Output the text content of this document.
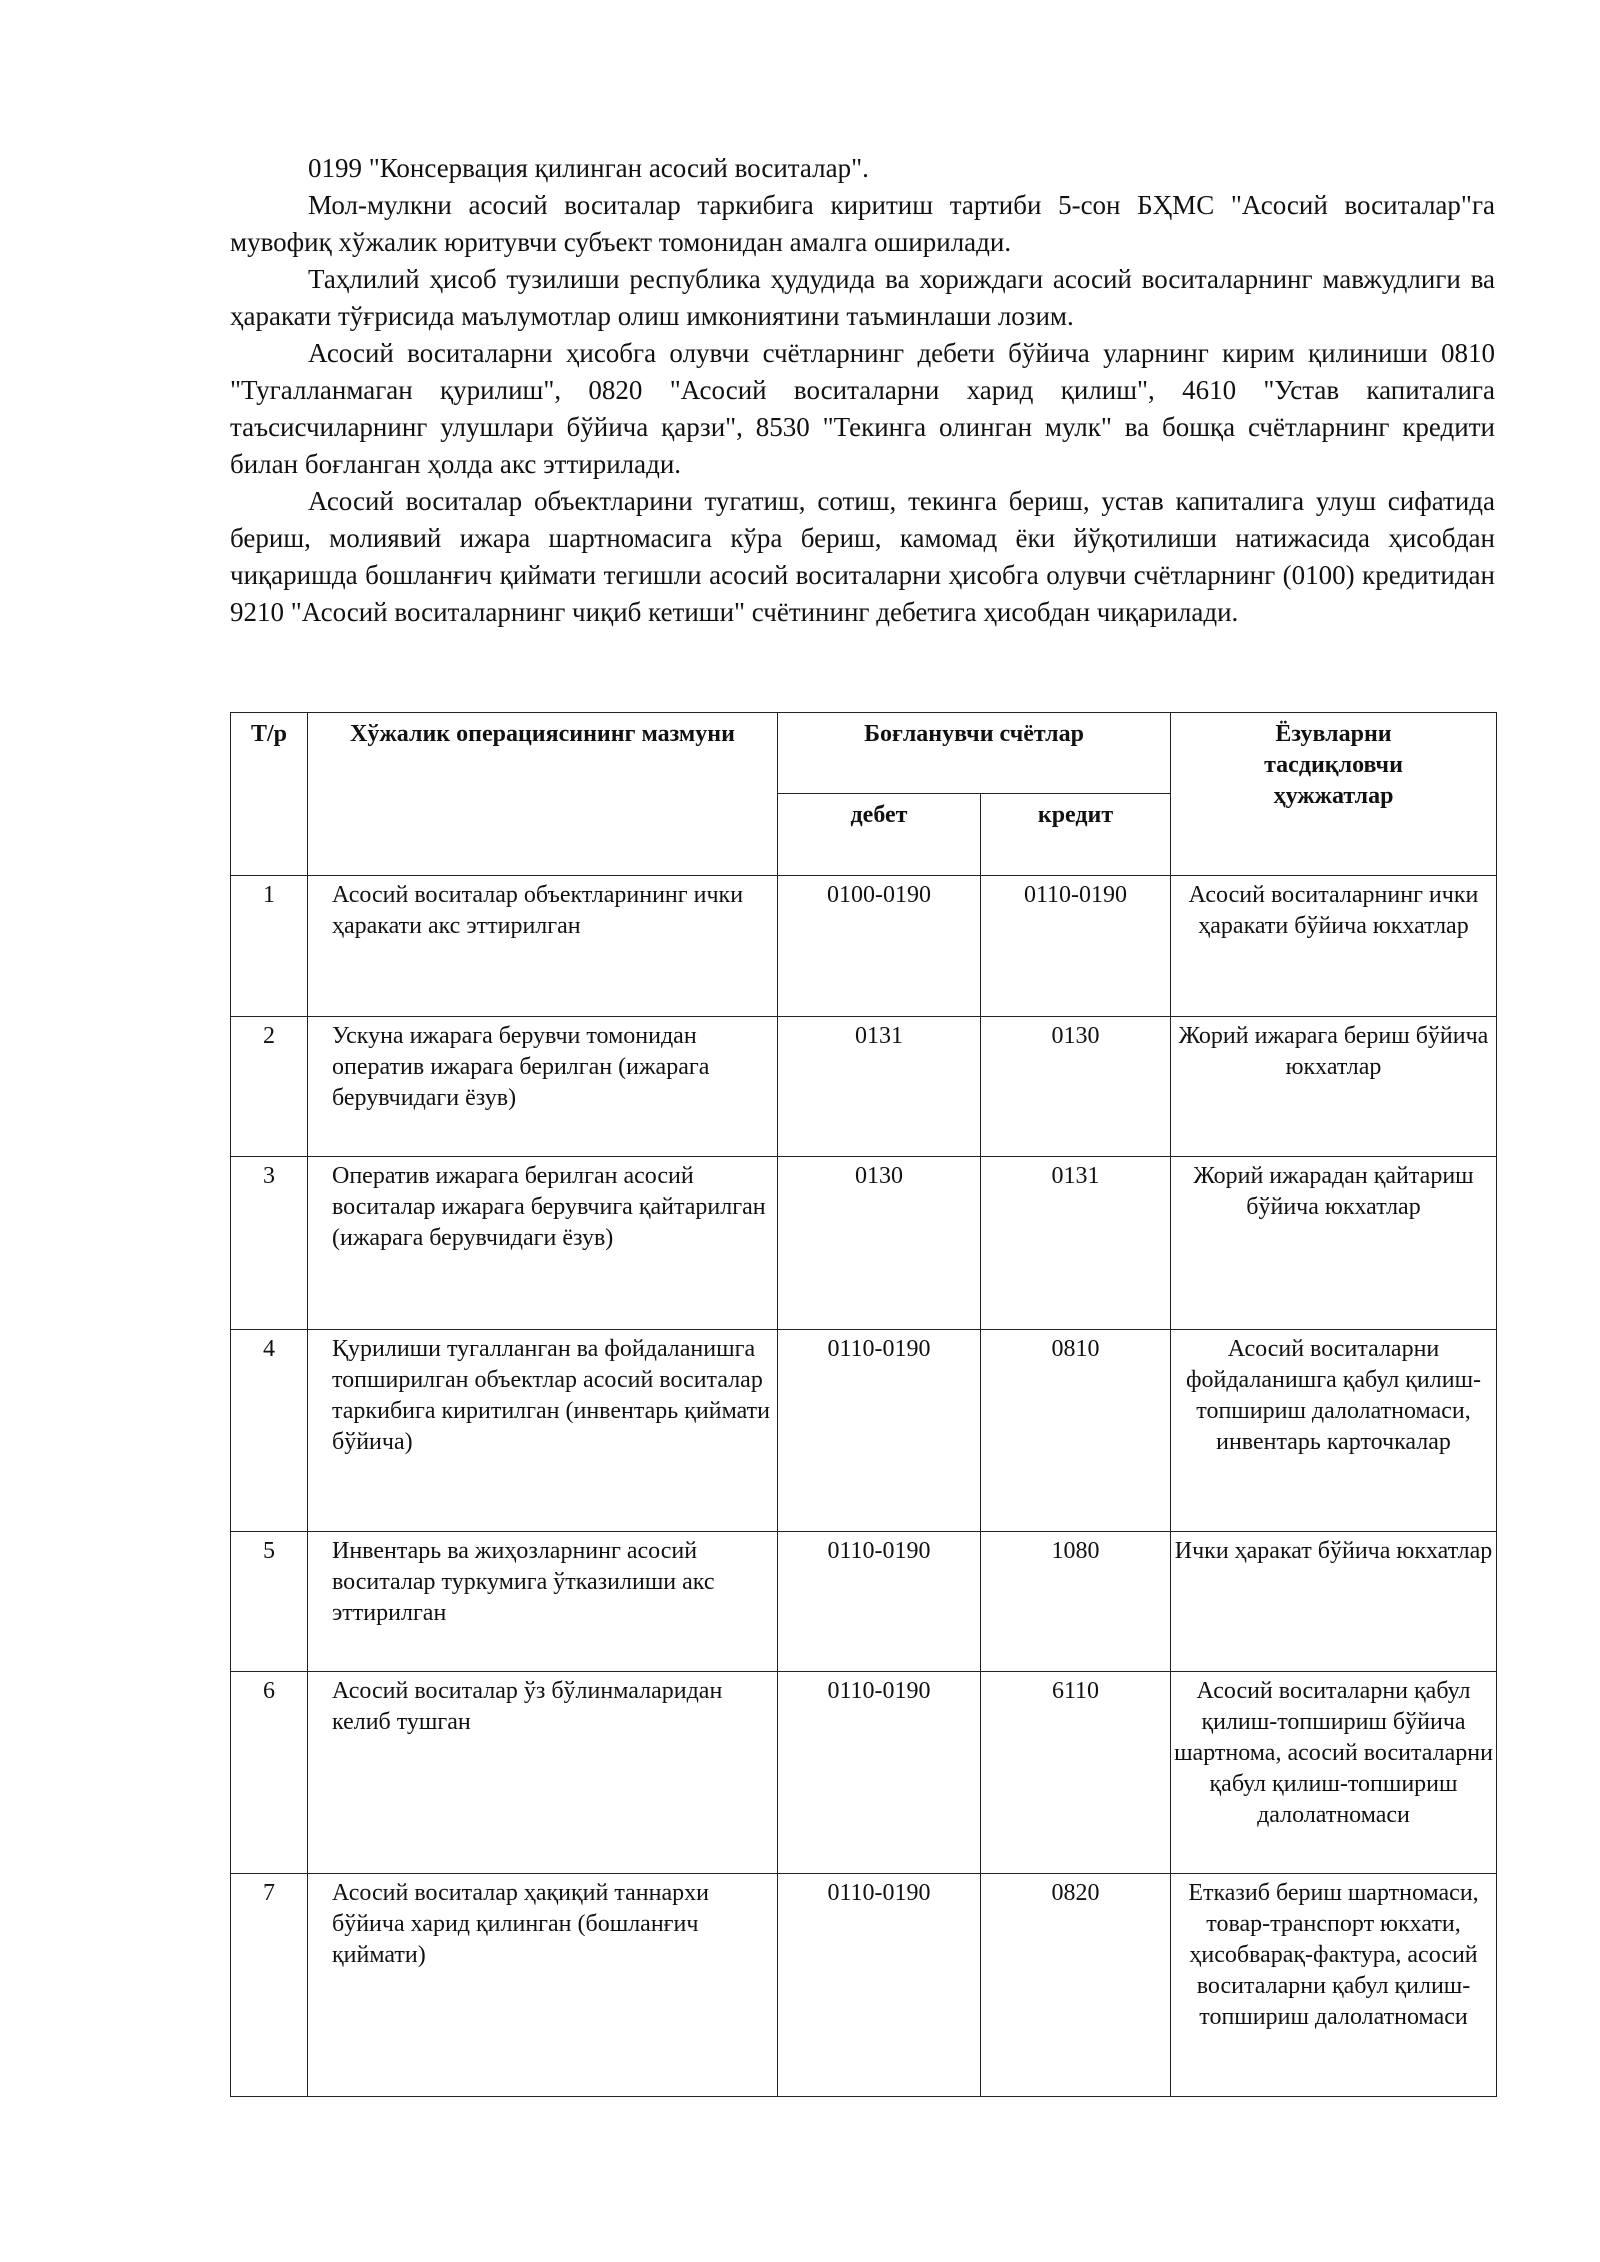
0199 "Консервация қилинган асосий воситалар".

Мол-мулкни асосий воситалар таркибига киритиш тартиби 5-сон БҲМС "Асосий воситалар"га мувофиқ хўжалик юритувчи субъект томонидан амалга оширилади.

Таҳлилий ҳисоб тузилиши республика ҳудудида ва хориждаги асосий воситаларнинг мавжудлиги ва ҳаракати тўғрисида маълумотлар олиш имкониятини таъминлаши лозим.

Асосий воситаларни ҳисобга олувчи счётларнинг дебети бўйича уларнинг кирим қилиниши 0810 "Тугалланмаган қурилиш", 0820 "Асосий воситаларни харид қилиш", 4610 "Устав капиталига таъсисчиларнинг улушлари бўйича қарзи", 8530 "Текинга олинган мулк" ва бошқа счётларнинг кредити билан боғланган ҳолда акс эттирилади.

Асосий воситалар объектларини тугатиш, сотиш, текинга бериш, устав капиталига улуш сифатида бериш, молиявий ижара шартномасига кўра бериш, камомад ёки йўқотилиши натижасида ҳисобдан чиқаришда бошланғич қиймати тегишли асосий воситаларни ҳисобга олувчи счётларнинг (0100) кредитидан 9210 "Асосий воситаларнинг чиқиб кетиши" счётининг дебетига ҳисобдан чиқарилади.

Т/р	Хўжалик операциясининг мазмуни	Боғланувчи счётлар		Ёзувларни тасдиқловчи ҳужжатлар

		дебет	кредит	
1	Асосий воситалар объектларининг ички ҳаракати акс эттирилган	0100-0190	0110-0190	Асосий воситаларнинг ички ҳаракати бўйича юкхатлар
2	Ускуна ижарага берувчи томонидан оператив ижарага берилган (ижарага берувчидаги ёзув)	0131	0130	Жорий ижарага бериш бўйича юкхатлар
3	Оператив ижарага берилган асосий воситалар ижарага берувчига қайтарилган (ижарага берувчидаги ёзув)	0130	0131	Жорий ижарадан қайтариш бўйича юкхатлар
4	Қурилиши тугалланган ва фойдаланишга топширилган объектлар асосий воситалар таркибига киритилган (инвентарь қиймати бўйича)	0110-0190	0810	Асосий воситаларни фойдаланишга қабул қилиш-топшириш далолатномаси, инвентарь карточкалар
5	Инвентарь ва жиҳозларнинг асосий воситалар туркумига ўтказилиши акс эттирилган	0110-0190	1080	Ички ҳаракат бўйича юкхатлар
6	Асосий воситалар ўз бўлинмаларидан келиб тушган	0110-0190	6110	Асосий воситаларни қабул қилиш-топшириш бўйича шартнома, асосий воситаларни қабул қилиш-топшириш далолатномаси
7	Асосий воситалар ҳақиқий таннархи бўйича харид қилинган (бошланғич қиймати)	0110-0190	0820	Етказиб бериш шартномаси, товар-транспорт юкхати, ҳисобварақ-фактура, асосий воситаларни қабул қилиш-топшириш далолатномаси
